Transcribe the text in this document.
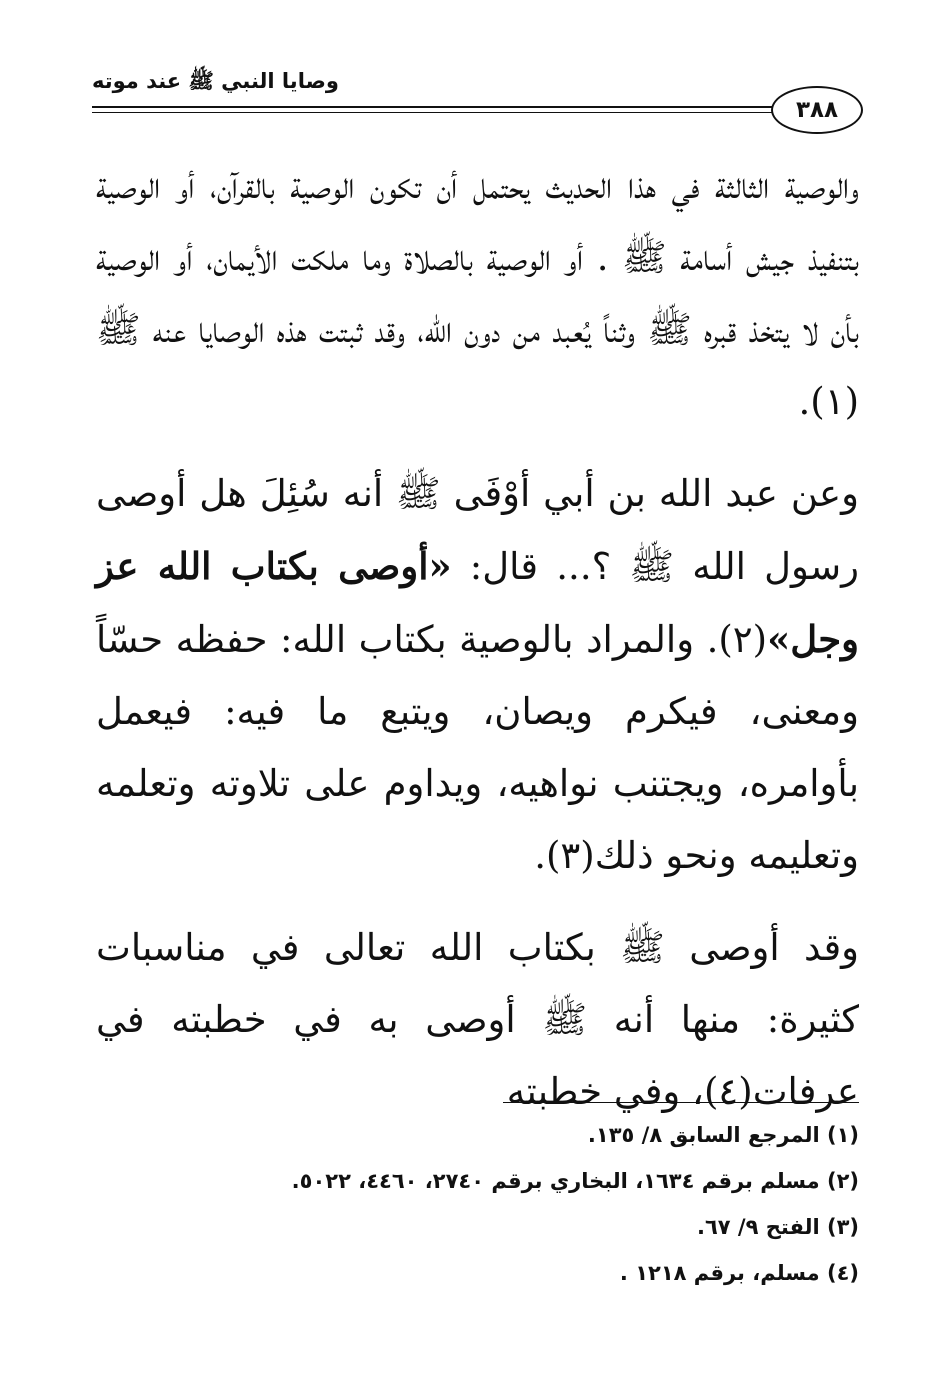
وصايا النبي ﷺ عند موته
٣٨٨

والوصية الثالثة في هذا الحديث يحتمل أن تكون الوصية بالقرآن، أو الوصية بتنفيذ جيش أسامة ﷺ . أو الوصية بالصلاة وما ملكت الأيمان، أو الوصية بأن لا يتخذ قبره ﷺ وثناً يُعبد من دون الله، وقد ثبتت هذه الوصايا عنه ﷺ (١).

وعن عبد الله بن أبي أوْفَى ﷺ أنه سُئِلَ هل أوصى رسول الله ﷺ ؟... قال: «أوصى بكتاب الله عز وجل»(٢). والمراد بالوصية بكتاب الله: حفظه حسّاً ومعنى، فيكرم ويصان، ويتبع ما فيه: فيعمل بأوامره، ويجتنب نواهيه، ويداوم على تلاوته وتعلمه وتعليمه ونحو ذلك(٣).

وقد أوصى ﷺ بكتاب الله تعالى في مناسبات كثيرة: منها أنه ﷺ أوصى به في خطبته في عرفات(٤)، وفي خطبته

(١) المرجع السابق ٨/ ١٣٥.
(٢) مسلم برقم ١٦٣٤، البخاري برقم ٢٧٤٠، ٤٤٦٠، ٥٠٢٢.
(٣) الفتح ٩/ ٦٧.
(٤) مسلم، برقم ١٢١٨ .
